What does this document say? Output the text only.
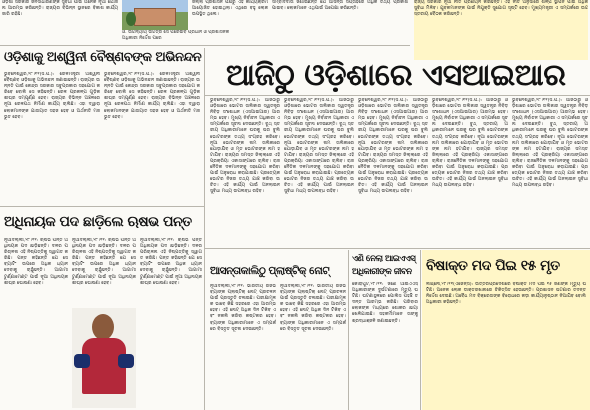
ଓଡ଼ିଶା ସରକାର ଜନସାଧାରଣଙ୍କ ସୁବିଧା ପାଇଁ ଅନେକ ନୂଆ ଯୋଜନା ଆରମ୍ଭ କରିଛନ୍ତି। ରାଜ୍ୟର ବିଭିନ୍ନ ସ୍ଥାନରେ ବିକାଶ କାର୍ଯ୍ୟ ଜାରି ରହିଛି।
ଓ. ଉଚ୍ଚନ୍ୟାୟ ଉଚ୍ଚିତ୍ର ସେ ପରେଇବ ପ୍ରଧାନ ଓ ପ୍ରଶାସନିକ ଅଧିକାରୀ ନିର୍ଦ୍ଦେଶ ପରେ
ଜିଲ୍ଲା ପ୍ରଶାସନ ପକ୍ଷରୁ ଏହି କାର୍ଯ୍ୟକ୍ରମ ଆୟୋଜିତ ହୋଇଥିଲା। ଏଥିରେ ବହୁ ଲୋକ ଉପସ୍ଥିତ ଥିଲେ।
ସମ୍ବାଦଦାତା ଜଣାଇଛନ୍ତି ଯେ ଆସନ୍ତା ସପ୍ତାହରେ ଅଧିକ ତଥ୍ୟ ପ୍ରକାଶ ପାଇବ। ଲୋକମାନେ ଏଥିପାଇଁ ଅପେକ୍ଷା କରିଛନ୍ତି।
ରାଜ୍ୟ ସରକାର ନୂଆ ନୀତି ପ୍ରଣୟନ କରିଛନ୍ତି। ଏହି ନୀତି ଅନୁସାରେ ଶିଳ୍ପ ସ୍ଥାପନ ପାଇଁ ଅଧିକ ସୁବିଧା ମିଳିବ। ଯୁବକମାନଙ୍କ ପାଇଁ ନିଯୁକ୍ତି ସୁଯୋଗ ସୃଷ୍ଟି ହେବ। ମୁଖ୍ୟମନ୍ତ୍ରୀ ଏ ସମ୍ପର୍କରେ ଉଚ୍ଚସ୍ତରୀୟ ବୈଠକ କରିଛନ୍ତି।
ଓଡ଼ିଶାକୁ ଅଶ୍ୱିନୀ ବୈଷ୍ଣବଙ୍କ ଅଭିନନ୍ଦନ
ଭୁବନେଶ୍ୱର,୨୮।୧୧(ସି.ପି.): ରେଳମନ୍ତ୍ରୀ ଅଶ୍ୱିନୀ ବୈଷ୍ଣବ ଓଡ଼ିଶାକୁ ଅଭିନନ୍ଦନ ଜଣାଇଛନ୍ତି। ରାଜ୍ୟର ଉନ୍ନତି ପାଇଁ କେନ୍ଦ୍ର ସରକାର ସବୁପ୍ରକାର ସହଯୋଗ କରିବେ ବୋଲି ସେ କହିଛନ୍ତି। ରେଳ ପ୍ରକଳ୍ପ ଗୁଡ଼ିକ ଶୀଘ୍ର ସମ୍ପୂର୍ଣ୍ଣ ହେବ। ରାଜ୍ୟର ବିଭିନ୍ନ ଅଞ୍ଚଳରେ ନୂଆ ରେଳପଥ ନିର୍ମାଣ କାର୍ଯ୍ୟ ଚାଲିଛି। ଏହା ଦ୍ୱାରା ଲୋକମାନଙ୍କ ଯାତାୟାତ ସହଜ ହେବ ଓ ଅର୍ଥନୀତି ମଜଭୁତ ହେବ।
ଭୁବନେଶ୍ୱର,୨୮।୧୧(ସି.ପି.): ରେଳମନ୍ତ୍ରୀ ଅଶ୍ୱିନୀ ବୈଷ୍ଣବ ଓଡ଼ିଶାକୁ ଅଭିନନ୍ଦନ ଜଣାଇଛନ୍ତି। ରାଜ୍ୟର ଉନ୍ନତି ପାଇଁ କେନ୍ଦ୍ର ସରକାର ସବୁପ୍ରକାର ସହଯୋଗ କରିବେ ବୋଲି ସେ କହିଛନ୍ତି। ରେଳ ପ୍ରକଳ୍ପ ଗୁଡ଼ିକ ଶୀଘ୍ର ସମ୍ପୂର୍ଣ୍ଣ ହେବ। ରାଜ୍ୟର ବିଭିନ୍ନ ଅଞ୍ଚଳରେ ନୂଆ ରେଳପଥ ନିର୍ମାଣ କାର୍ଯ୍ୟ ଚାଲିଛି। ଏହା ଦ୍ୱାରା ଲୋକମାନଙ୍କ ଯାତାୟାତ ସହଜ ହେବ ଓ ଅର୍ଥନୀତି ମଜଭୁତ ହେବ।
ଆଜିଠୁ ଓଡ଼ିଶାରେ ଏସଆଇଆର
ଭୁବନେଶ୍ୱର,୨୮।୧୧(ସି.ପି.): ଆଜିଠାରୁ ଓଡ଼ିଶାରେ ଭୋଟର ତାଲିକାର ସ୍ୱତନ୍ତ୍ର ନିବିଡ଼ ସଂଶୋଧନ (ଏସଆଇଆର) ଆରମ୍ଭ ହେବ। ମୁଖ୍ୟ ନିର୍ବାଚନ ଅଧିକାରୀ ଏ ସମ୍ପର୍କରେ ସୂଚନା ଦେଇଛନ୍ତି। ବୁଥ୍ ସ୍ତରୀୟ ଅଧିକାରୀମାନେ ଘରକୁ ଘର ବୁଲି ଭୋଟରଙ୍କ ତଥ୍ୟ ସଂଗ୍ରହ କରିବେ। ନୂଆ ଭୋଟରଙ୍କ ନାମ ତାଲିକାରେ ଯୋଡ଼ାଯିବ ଓ ମୃତ ଭୋଟରଙ୍କ ନାମ ହଟାଯିବ। ରାଜ୍ୟର ସମସ୍ତ ଜିଲ୍ଲାରେ ଏହି ପ୍ରକ୍ରିୟା ଏକାସାଙ୍ଗରେ ଚାଲିବ। ରାଜନୈତିକ ଦଳମାନଙ୍କୁ ସହଯୋଗ କରିବା ପାଇଁ ଅନୁରୋଧ କରାଯାଇଛି। ପ୍ରତ୍ୟେକ ଭୋଟର ନିଜର ତଥ୍ୟ ଯାଞ୍ଚ କରିବା ଉଚିତ। ଏହି କାର୍ଯ୍ୟ ପାଇଁ ଅନଲାଇନ ସୁବିଧା ମଧ୍ୟ ଉପଲବ୍ଧ ରହିବ।
ଭୁବନେଶ୍ୱର,୨୮।୧୧(ସି.ପି.): ଆଜିଠାରୁ ଓଡ଼ିଶାରେ ଭୋଟର ତାଲିକାର ସ୍ୱତନ୍ତ୍ର ନିବିଡ଼ ସଂଶୋଧନ (ଏସଆଇଆର) ଆରମ୍ଭ ହେବ। ମୁଖ୍ୟ ନିର୍ବାଚନ ଅଧିକାରୀ ଏ ସମ୍ପର୍କରେ ସୂଚନା ଦେଇଛନ୍ତି। ବୁଥ୍ ସ୍ତରୀୟ ଅଧିକାରୀମାନେ ଘରକୁ ଘର ବୁଲି ଭୋଟରଙ୍କ ତଥ୍ୟ ସଂଗ୍ରହ କରିବେ। ନୂଆ ଭୋଟରଙ୍କ ନାମ ତାଲିକାରେ ଯୋଡ଼ାଯିବ ଓ ମୃତ ଭୋଟରଙ୍କ ନାମ ହଟାଯିବ। ରାଜ୍ୟର ସମସ୍ତ ଜିଲ୍ଲାରେ ଏହି ପ୍ରକ୍ରିୟା ଏକାସାଙ୍ଗରେ ଚାଲିବ। ରାଜନୈତିକ ଦଳମାନଙ୍କୁ ସହଯୋଗ କରିବା ପାଇଁ ଅନୁରୋଧ କରାଯାଇଛି। ପ୍ରତ୍ୟେକ ଭୋଟର ନିଜର ତଥ୍ୟ ଯାଞ୍ଚ କରିବା ଉଚିତ। ଏହି କାର୍ଯ୍ୟ ପାଇଁ ଅନଲାଇନ ସୁବିଧା ମଧ୍ୟ ଉପଲବ୍ଧ ରହିବ।
ଭୁବନେଶ୍ୱର,୨୮।୧୧(ସି.ପି.): ଆଜିଠାରୁ ଓଡ଼ିଶାରେ ଭୋଟର ତାଲିକାର ସ୍ୱତନ୍ତ୍ର ନିବିଡ଼ ସଂଶୋଧନ (ଏସଆଇଆର) ଆରମ୍ଭ ହେବ। ମୁଖ୍ୟ ନିର୍ବାଚନ ଅଧିକାରୀ ଏ ସମ୍ପର୍କରେ ସୂଚନା ଦେଇଛନ୍ତି। ବୁଥ୍ ସ୍ତରୀୟ ଅଧିକାରୀମାନେ ଘରକୁ ଘର ବୁଲି ଭୋଟରଙ୍କ ତଥ୍ୟ ସଂଗ୍ରହ କରିବେ। ନୂଆ ଭୋଟରଙ୍କ ନାମ ତାଲିକାରେ ଯୋଡ଼ାଯିବ ଓ ମୃତ ଭୋଟରଙ୍କ ନାମ ହଟାଯିବ। ରାଜ୍ୟର ସମସ୍ତ ଜିଲ୍ଲାରେ ଏହି ପ୍ରକ୍ରିୟା ଏକାସାଙ୍ଗରେ ଚାଲିବ। ରାଜନୈତିକ ଦଳମାନଙ୍କୁ ସହଯୋଗ କରିବା ପାଇଁ ଅନୁରୋଧ କରାଯାଇଛି। ପ୍ରତ୍ୟେକ ଭୋଟର ନିଜର ତଥ୍ୟ ଯାଞ୍ଚ କରିବା ଉଚିତ। ଏହି କାର୍ଯ୍ୟ ପାଇଁ ଅନଲାଇନ ସୁବିଧା ମଧ୍ୟ ଉପଲବ୍ଧ ରହିବ।
ଭୁବନେଶ୍ୱର,୨୮।୧୧(ସି.ପି.): ଆଜିଠାରୁ ଓଡ଼ିଶାରେ ଭୋଟର ତାଲିକାର ସ୍ୱତନ୍ତ୍ର ନିବିଡ଼ ସଂଶୋଧନ (ଏସଆଇଆର) ଆରମ୍ଭ ହେବ। ମୁଖ୍ୟ ନିର୍ବାଚନ ଅଧିକାରୀ ଏ ସମ୍ପର୍କରେ ସୂଚନା ଦେଇଛନ୍ତି। ବୁଥ୍ ସ୍ତରୀୟ ଅଧିକାରୀମାନେ ଘରକୁ ଘର ବୁଲି ଭୋଟରଙ୍କ ତଥ୍ୟ ସଂଗ୍ରହ କରିବେ। ନୂଆ ଭୋଟରଙ୍କ ନାମ ତାଲିକାରେ ଯୋଡ଼ାଯିବ ଓ ମୃତ ଭୋଟରଙ୍କ ନାମ ହଟାଯିବ। ରାଜ୍ୟର ସମସ୍ତ ଜିଲ୍ଲାରେ ଏହି ପ୍ରକ୍ରିୟା ଏକାସାଙ୍ଗରେ ଚାଲିବ। ରାଜନୈତିକ ଦଳମାନଙ୍କୁ ସହଯୋଗ କରିବା ପାଇଁ ଅନୁରୋଧ କରାଯାଇଛି। ପ୍ରତ୍ୟେକ ଭୋଟର ନିଜର ତଥ୍ୟ ଯାଞ୍ଚ କରିବା ଉଚିତ। ଏହି କାର୍ଯ୍ୟ ପାଇଁ ଅନଲାଇନ ସୁବିଧା ମଧ୍ୟ ଉପଲବ୍ଧ ରହିବ।
ଭୁବନେଶ୍ୱର,୨୮।୧୧(ସି.ପି.): ଆଜିଠାରୁ ଓଡ଼ିଶାରେ ଭୋଟର ତାଲିକାର ସ୍ୱତନ୍ତ୍ର ନିବିଡ଼ ସଂଶୋଧନ (ଏସଆଇଆର) ଆରମ୍ଭ ହେବ। ମୁଖ୍ୟ ନିର୍ବାଚନ ଅଧିକାରୀ ଏ ସମ୍ପର୍କରେ ସୂଚନା ଦେଇଛନ୍ତି। ବୁଥ୍ ସ୍ତରୀୟ ଅଧିକାରୀମାନେ ଘରକୁ ଘର ବୁଲି ଭୋଟରଙ୍କ ତଥ୍ୟ ସଂଗ୍ରହ କରିବେ। ନୂଆ ଭୋଟରଙ୍କ ନାମ ତାଲିକାରେ ଯୋଡ଼ାଯିବ ଓ ମୃତ ଭୋଟରଙ୍କ ନାମ ହଟାଯିବ। ରାଜ୍ୟର ସମସ୍ତ ଜିଲ୍ଲାରେ ଏହି ପ୍ରକ୍ରିୟା ଏକାସାଙ୍ଗରେ ଚାଲିବ। ରାଜନୈତିକ ଦଳମାନଙ୍କୁ ସହଯୋଗ କରିବା ପାଇଁ ଅନୁରୋଧ କରାଯାଇଛି। ପ୍ରତ୍ୟେକ ଭୋଟର ନିଜର ତଥ୍ୟ ଯାଞ୍ଚ କରିବା ଉଚିତ। ଏହି କାର୍ଯ୍ୟ ପାଇଁ ଅନଲାଇନ ସୁବିଧା ମଧ୍ୟ ଉପଲବ୍ଧ ରହିବ।
ଅଧିନାୟକ ପଦ ଛାଡ଼ିଲେ ଋଷଭ ପନ୍ତ
ନୂଆଦିଲ୍ଲୀ,୨୮।୧୧: ଋଷଭ ପନ୍ତ ଅଧିନାୟକ ପଦ ଛାଡ଼ିଛନ୍ତି। ଦଳର ପରିଚାଳନା ଏହି ନିଷ୍ପତ୍ତିକୁ ସ୍ୱାଗତ କରିଛି। ପନ୍ତ କହିଛନ୍ତି ଯେ ସେ ବ୍ୟାଟିଂ ଉପରେ ଅଧିକ ଧ୍ୟାନ ଦେବାକୁ ଚାହୁଁଛନ୍ତି। ଆଗାମୀ ଟୁର୍ଣ୍ଣାମେଣ୍ଟ ପାଇଁ ନୂଆ ଅଧିନାୟକ ଶୀଘ୍ର ଘୋଷଣା ହେବ।
ନୂଆଦିଲ୍ଲୀ,୨୮।୧୧: ଋଷଭ ପନ୍ତ ଅଧିନାୟକ ପଦ ଛାଡ଼ିଛନ୍ତି। ଦଳର ପରିଚାଳନା ଏହି ନିଷ୍ପତ୍ତିକୁ ସ୍ୱାଗତ କରିଛି। ପନ୍ତ କହିଛନ୍ତି ଯେ ସେ ବ୍ୟାଟିଂ ଉପରେ ଅଧିକ ଧ୍ୟାନ ଦେବାକୁ ଚାହୁଁଛନ୍ତି। ଆଗାମୀ ଟୁର୍ଣ୍ଣାମେଣ୍ଟ ପାଇଁ ନୂଆ ଅଧିନାୟକ ଶୀଘ୍ର ଘୋଷଣା ହେବ।
ନୂଆଦିଲ୍ଲୀ,୨୮।୧୧: ଋଷଭ ପନ୍ତ ଅଧିନାୟକ ପଦ ଛାଡ଼ିଛନ୍ତି। ଦଳର ପରିଚାଳନା ଏହି ନିଷ୍ପତ୍ତିକୁ ସ୍ୱାଗତ କରିଛି। ପନ୍ତ କହିଛନ୍ତି ଯେ ସେ ବ୍ୟାଟିଂ ଉପରେ ଅଧିକ ଧ୍ୟାନ ଦେବାକୁ ଚାହୁଁଛନ୍ତି। ଆଗାମୀ ଟୁର୍ଣ୍ଣାମେଣ୍ଟ ପାଇଁ ନୂଆ ଅଧିନାୟକ ଶୀଘ୍ର ଘୋଷଣା ହେବ।
ଆସନ୍ତାକାଲିଠୁ ପ୍ଲାଷ୍ଟିକ୍ ନୋଟ୍
ନୂଆଦିଲ୍ଲୀ,୨୮।୧୧: ଭାରତୀୟ ରିଜର୍ଭ ବ୍ୟାଙ୍କ ପ୍ଲାଷ୍ଟିକ୍ ନୋଟ୍ ପ୍ରଚଳନ ପାଇଁ ପ୍ରସ୍ତୁତି ଚଳାଇଛି। ପରୀକ୍ଷାମୂଳକ ଭାବେ କିଛି ସହରରେ ଏହା ଆରମ୍ଭ ହେବ। ଏହି ନୋଟ୍ ଅଧିକ ଦିନ ଟିକିବ ଏବଂ ନକଲି କରିବା କଷ୍ଟକର ହେବ। ବ୍ୟାଙ୍କ ଅଧିକାରୀମାନେ ଏ ସମ୍ପର୍କରେ ବିସ୍ତୃତ ସୂଚନା ଦେଇଛନ୍ତି।
ନୂଆଦିଲ୍ଲୀ,୨୮।୧୧: ଭାରତୀୟ ରିଜର୍ଭ ବ୍ୟାଙ୍କ ପ୍ଲାଷ୍ଟିକ୍ ନୋଟ୍ ପ୍ରଚଳନ ପାଇଁ ପ୍ରସ୍ତୁତି ଚଳାଇଛି। ପରୀକ୍ଷାମୂଳକ ଭାବେ କିଛି ସହରରେ ଏହା ଆରମ୍ଭ ହେବ। ଏହି ନୋଟ୍ ଅଧିକ ଦିନ ଟିକିବ ଏବଂ ନକଲି କରିବା କଷ୍ଟକର ହେବ। ବ୍ୟାଙ୍କ ଅଧିକାରୀମାନେ ଏ ସମ୍ପର୍କରେ ବିସ୍ତୃତ ସୂଚନା ଦେଇଛନ୍ତି।
ଏଣି ନେଲା ଆଇଏଏସ୍
ଅଧିକାରୀଙ୍କ ଜୀବନ
କୋରାପୁଟ,୨୮।୧୧: ଜଣେ ଆଇଏଏସ୍ ଅଧିକାରୀଙ୍କ ଦୁର୍ଘଟଣାରେ ମୃତ୍ୟୁ ଘଟିଛି। ଘଟଣାସ୍ଥଳରେ ପୋଲିସ ପହଞ୍ଚି ତଦନ୍ତ ଆରମ୍ଭ କରିଛି। ପରିବାର ଲୋକଙ୍କ ମଧ୍ୟରେ ଶୋକର ଛାୟା ଖେଳିଯାଇଛି। ସହକର୍ମୀମାନେ ତାଙ୍କୁ ଶ୍ରଦ୍ଧାଞ୍ଜଳି ଜଣାଇଛନ୍ତି।
ବିଷାକ୍ତ ମଦ ପିଇ ୧୫ ମୃତ
ଲକ୍ଷ୍ନୌ,୨୮।୧୧(ଏଜେନ୍ସି): ଉତ୍ତରପ୍ରଦେଶରେ ବିଷାକ୍ତ ମଦ ପିଇ ୧୫ ଜଣଙ୍କ ମୃତ୍ୟୁ ଘଟିଛି। ଅନେକ ଲୋକ ଡାକ୍ତରଖାନାରେ ଚିକିତ୍ସିତ ହେଉଛନ୍ତି। ପ୍ରଶାସନ ଘଟଣାର ତଦନ୍ତ ନିର୍ଦ୍ଦେଶ ଦେଇଛି। ଅବୈଧ ମଦ ବିକ୍ରେତାଙ୍କ ବିରୋଧରେ କଡ଼ା କାର୍ଯ୍ୟାନୁଷ୍ଠାନ ନିଆଯିବ ବୋଲି ଅଧିକାରୀ କହିଛନ୍ତି।
